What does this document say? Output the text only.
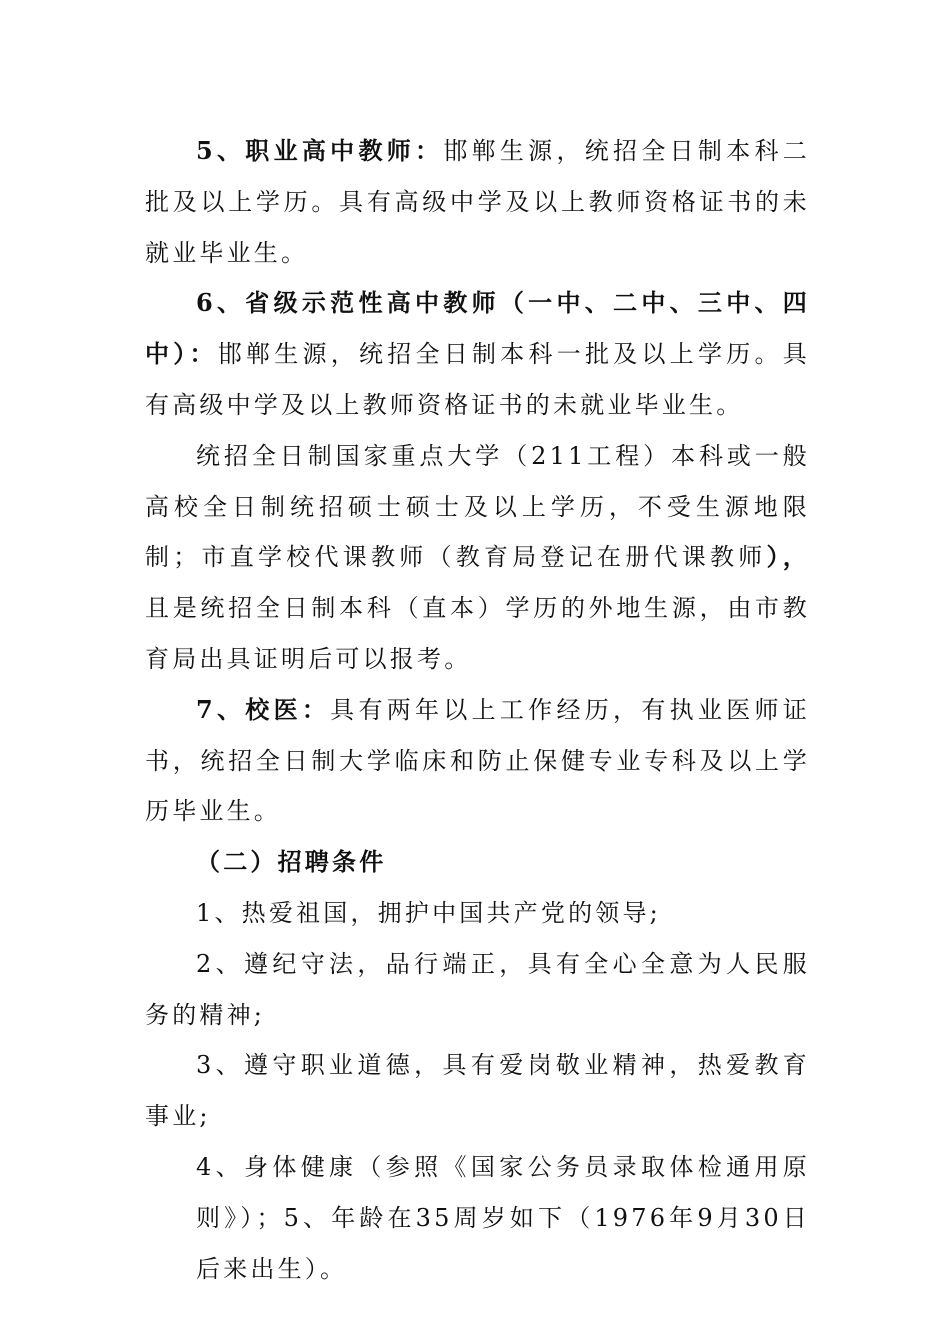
5、职业高中教师：邯郸生源，统招全日制本科二批及以上学历。具有高级中学及以上教师资格证书的未就业毕业生。

6、省级示范性高中教师（一中、二中、三中、四中）：邯郸生源，统招全日制本科一批及以上学历。具有高级中学及以上教师资格证书的未就业毕业生。

统招全日制国家重点大学（211工程）本科或一般高校全日制统招硕士硕士及以上学历，不受生源地限制；市直学校代课教师（教育局登记在册代课教师），且是统招全日制本科（直本）学历的外地生源，由市教育局出具证明后可以报考。

7、校医：具有两年以上工作经历，有执业医师证书，统招全日制大学临床和防止保健专业专科及以上学历毕业生。

（二）招聘条件

1、热爱祖国，拥护中国共产党的领导;

2、遵纪守法，品行端正，具有全心全意为人民服务的精神;

3、遵守职业道德，具有爱岗敬业精神，热爱教育事业;

4、身体健康（参照《国家公务员录取体检通用原则》）；5、年龄在35周岁如下（1976年9月30日后来出生）。
